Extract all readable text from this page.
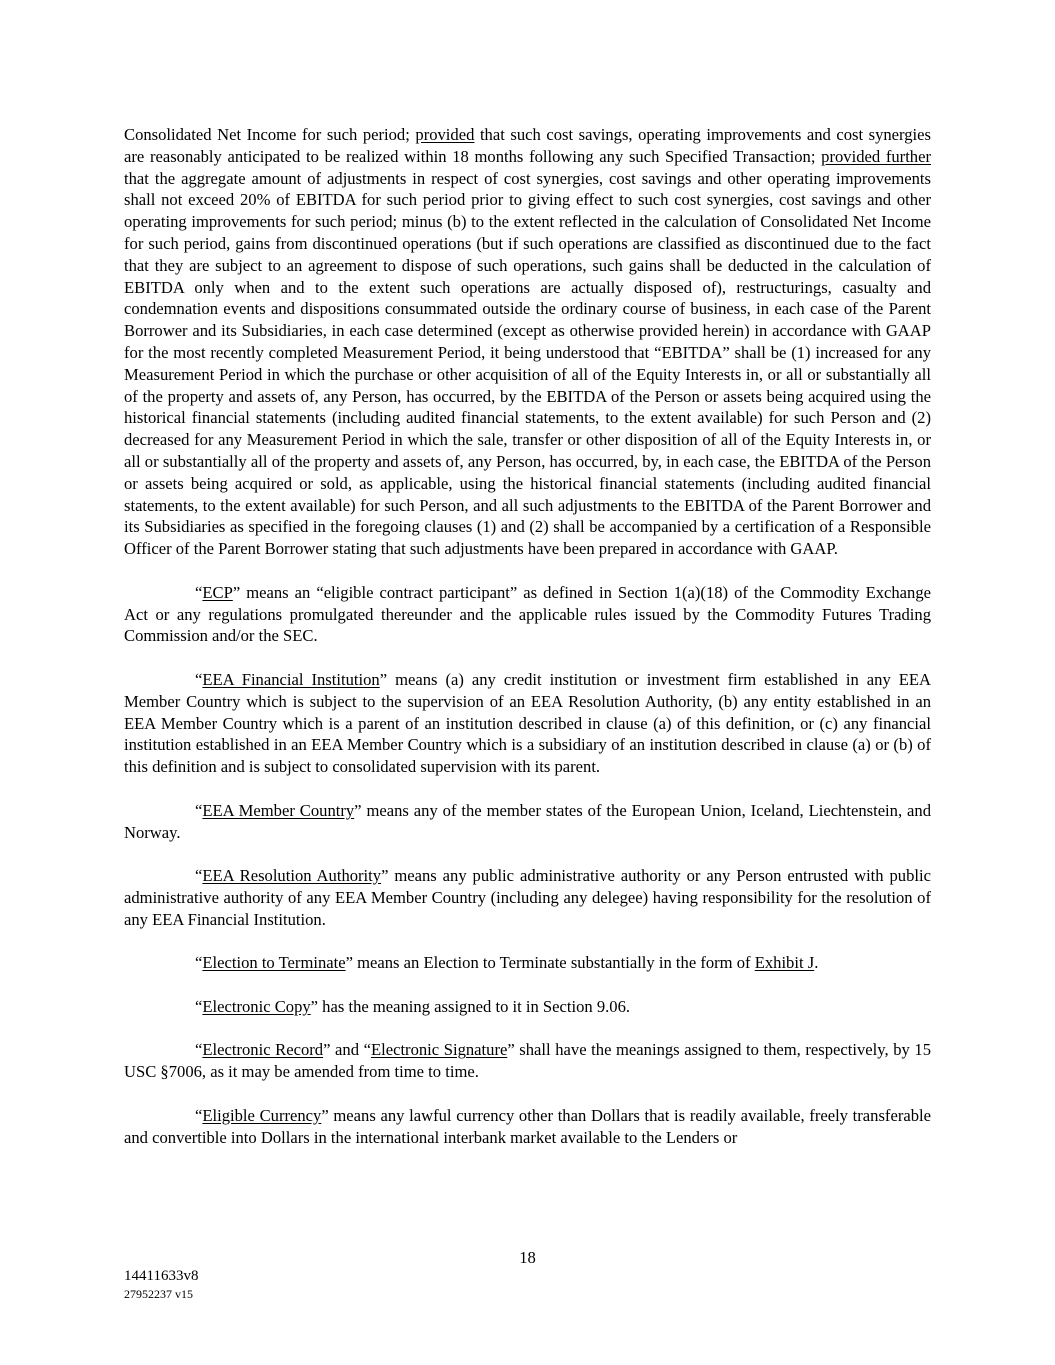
Consolidated Net Income for such period; provided that such cost savings, operating improvements and cost synergies are reasonably anticipated to be realized within 18 months following any such Specified Transaction; provided further that the aggregate amount of adjustments in respect of cost synergies, cost savings and other operating improvements shall not exceed 20% of EBITDA for such period prior to giving effect to such cost synergies, cost savings and other operating improvements for such period; minus (b) to the extent reflected in the calculation of Consolidated Net Income for such period, gains from discontinued operations (but if such operations are classified as discontinued due to the fact that they are subject to an agreement to dispose of such operations, such gains shall be deducted in the calculation of EBITDA only when and to the extent such operations are actually disposed of), restructurings, casualty and condemnation events and dispositions consummated outside the ordinary course of business, in each case of the Parent Borrower and its Subsidiaries, in each case determined (except as otherwise provided herein) in accordance with GAAP for the most recently completed Measurement Period, it being understood that “EBITDA” shall be (1) increased for any Measurement Period in which the purchase or other acquisition of all of the Equity Interests in, or all or substantially all of the property and assets of, any Person, has occurred, by the EBITDA of the Person or assets being acquired using the historical financial statements (including audited financial statements, to the extent available) for such Person and (2) decreased for any Measurement Period in which the sale, transfer or other disposition of all of the Equity Interests in, or all or substantially all of the property and assets of, any Person, has occurred, by, in each case, the EBITDA of the Person or assets being acquired or sold, as applicable, using the historical financial statements (including audited financial statements, to the extent available) for such Person, and all such adjustments to the EBITDA of the Parent Borrower and its Subsidiaries as specified in the foregoing clauses (1) and (2) shall be accompanied by a certification of a Responsible Officer of the Parent Borrower stating that such adjustments have been prepared in accordance with GAAP.

“ECP” means an “eligible contract participant” as defined in Section 1(a)(18) of the Commodity Exchange Act or any regulations promulgated thereunder and the applicable rules issued by the Commodity Futures Trading Commission and/or the SEC.

“EEA Financial Institution” means (a) any credit institution or investment firm established in any EEA Member Country which is subject to the supervision of an EEA Resolution Authority, (b) any entity established in an EEA Member Country which is a parent of an institution described in clause (a) of this definition, or (c) any financial institution established in an EEA Member Country which is a subsidiary of an institution described in clause (a) or (b) of this definition and is subject to consolidated supervision with its parent.

“EEA Member Country” means any of the member states of the European Union, Iceland, Liechtenstein, and Norway.

“EEA Resolution Authority” means any public administrative authority or any Person entrusted with public administrative authority of any EEA Member Country (including any delegee) having responsibility for the resolution of any EEA Financial Institution.

“Election to Terminate” means an Election to Terminate substantially in the form of Exhibit J.

“Electronic Copy” has the meaning assigned to it in Section 9.06.

“Electronic Record” and “Electronic Signature” shall have the meanings assigned to them, respectively, by 15 USC §7006, as it may be amended from time to time.

“Eligible Currency” means any lawful currency other than Dollars that is readily available, freely transferable and convertible into Dollars in the international interbank market available to the Lenders or

18
14411633v8
27952237 v15
